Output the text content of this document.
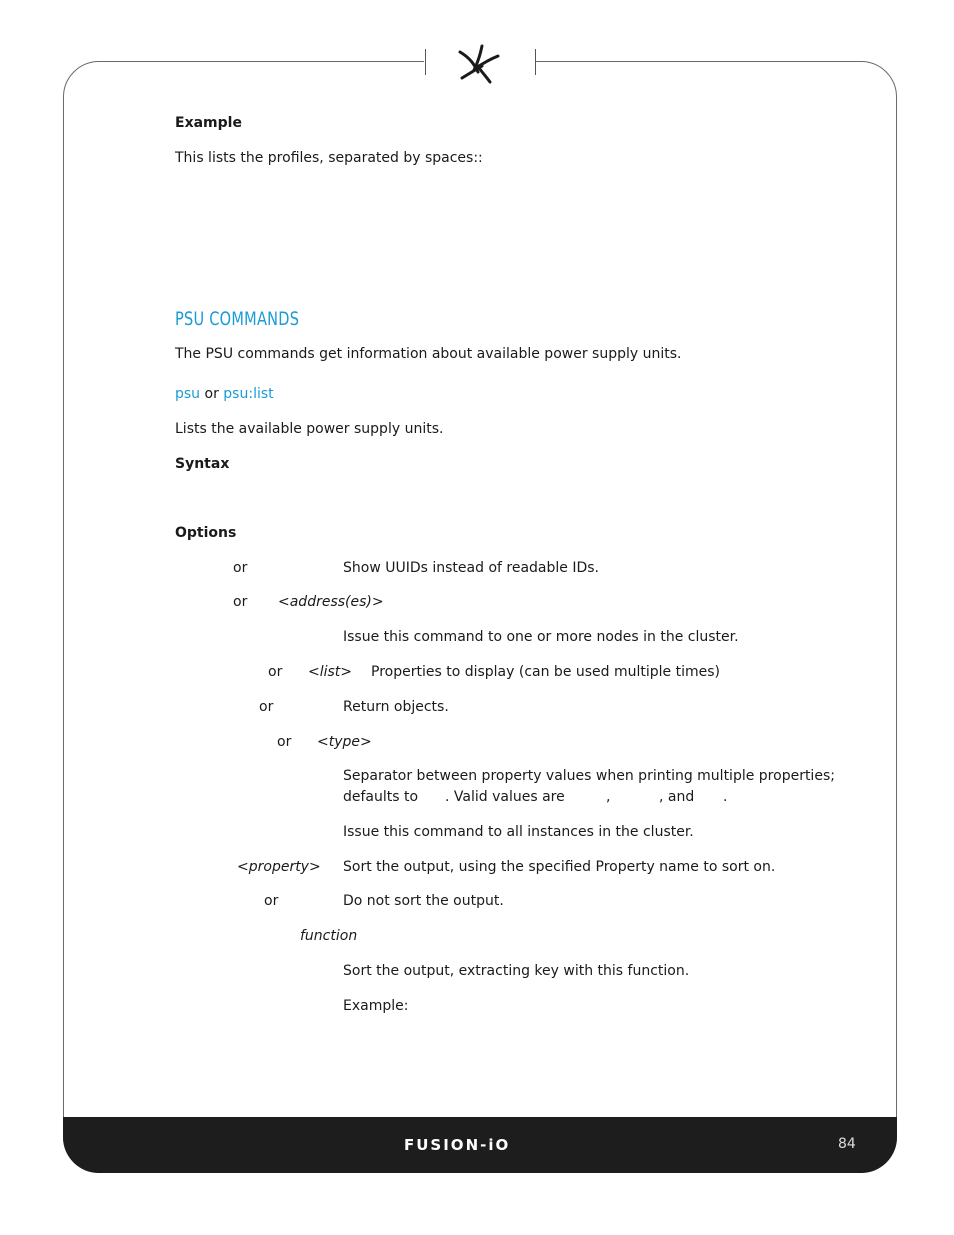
Example
This lists the profiles, separated by spaces::
PSU COMMANDS
The PSU commands get information about available power supply units.
psu or psu:list
Lists the available power supply units.
Syntax
Options
or	Show UUIDs instead of readable IDs.
or <address(es)>
Issue this command to one or more nodes in the cluster.
or <list> Properties to display (can be used multiple times)
or	Return objects.
or <type>
Separator between property values when printing multiple properties;
defaults to . Valid values are	,	, and .
Issue this command to all instances in the cluster.
<property> Sort the output, using the specified Property name to sort on.
or	Do not sort the output.
function
Sort the output, extracting key with this function.
Example:
FUSION-iO	84
